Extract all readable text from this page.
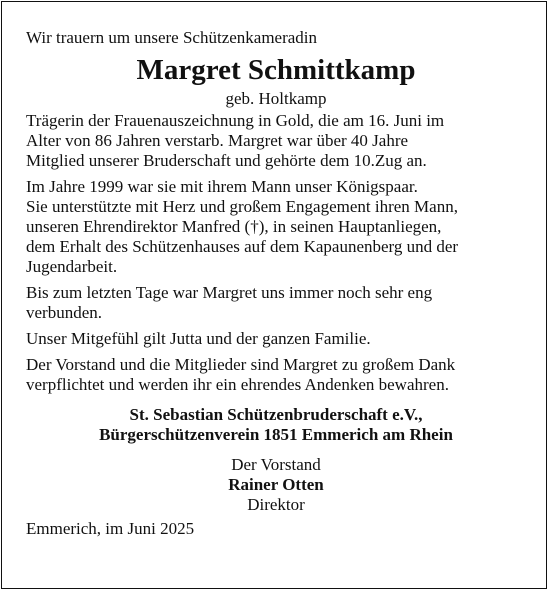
Wir trauern um unsere Schützenkameradin
Margret Schmittkamp
geb. Holtkamp
Trägerin der Frauenauszeichnung in Gold, die am 16. Juni im
Alter von 86 Jahren verstarb. Margret war über 40 Jahre
Mitglied unserer Bruderschaft und gehörte dem 10.Zug an.
Im Jahre 1999 war sie mit ihrem Mann unser Königspaar.
Sie unterstützte mit Herz und großem Engagement ihren Mann,
unseren Ehrendirektor Manfred (†), in seinen Hauptanliegen,
dem Erhalt des Schützenhauses auf dem Kapaunenberg und der
Jugendarbeit.
Bis zum letzten Tage war Margret uns immer noch sehr eng
verbunden.
Unser Mitgefühl gilt Jutta und der ganzen Familie.
Der Vorstand und die Mitglieder sind Margret zu großem Dank
verpflichtet und werden ihr ein ehrendes Andenken bewahren.
St. Sebastian Schützenbruderschaft e.V.,
Bürgerschützenverein 1851 Emmerich am Rhein
Der Vorstand
Rainer Otten
Direktor
Emmerich, im Juni 2025
